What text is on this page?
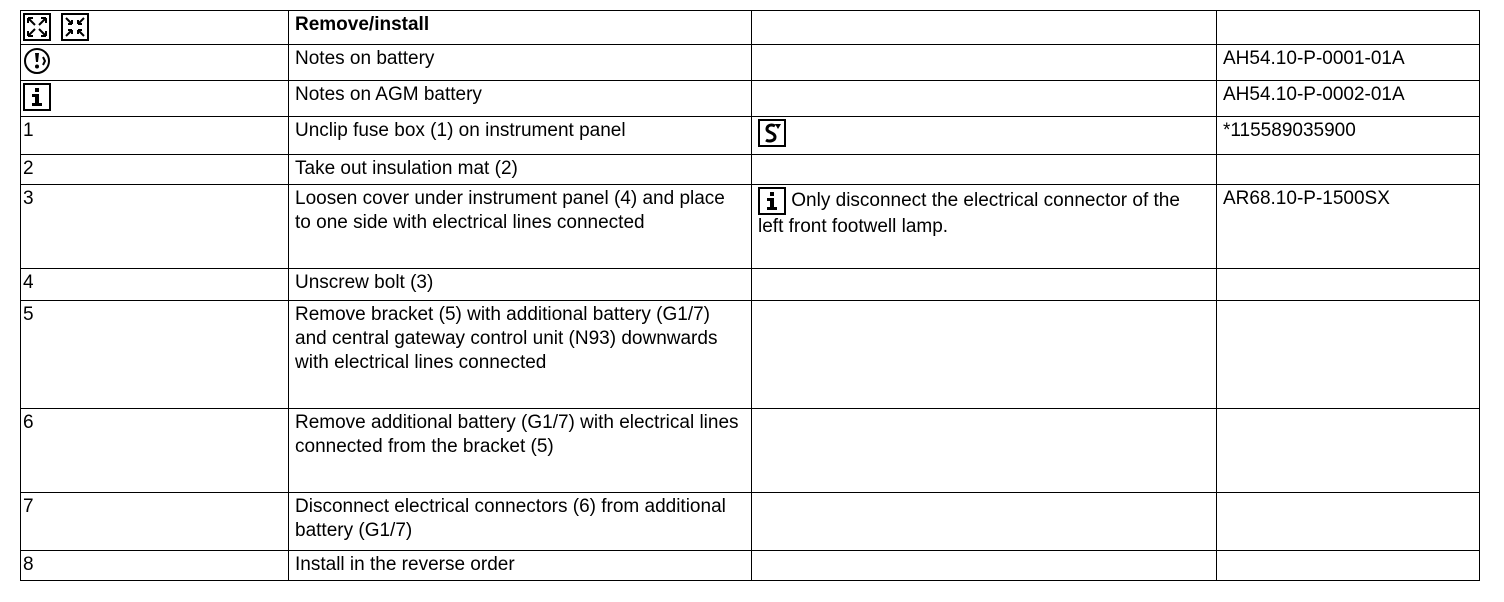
	Remove/install		

	Notes on battery		AH54.10-P-0001-01A

	Notes on AGM battery		AH54.10-P-0002-01A
1	Unclip fuse box (1) on instrument panel		*115589035900
2	Take out insulation mat (2)		
3	Loosen cover under instrument panel (4) and place to one side with electrical lines connected	Only disconnect the electrical connector of the left front footwell lamp.	AR68.10-P-1500SX
4	Unscrew bolt (3)		
5	Remove bracket (5) with additional battery (G1/7) and central gateway control unit (N93) downwards with electrical lines connected		
6	Remove additional battery (G1/7) with electrical lines connected from the bracket (5)		
7	Disconnect electrical connectors (6) from additional battery (G1/7)		
8	Install in the reverse order		
